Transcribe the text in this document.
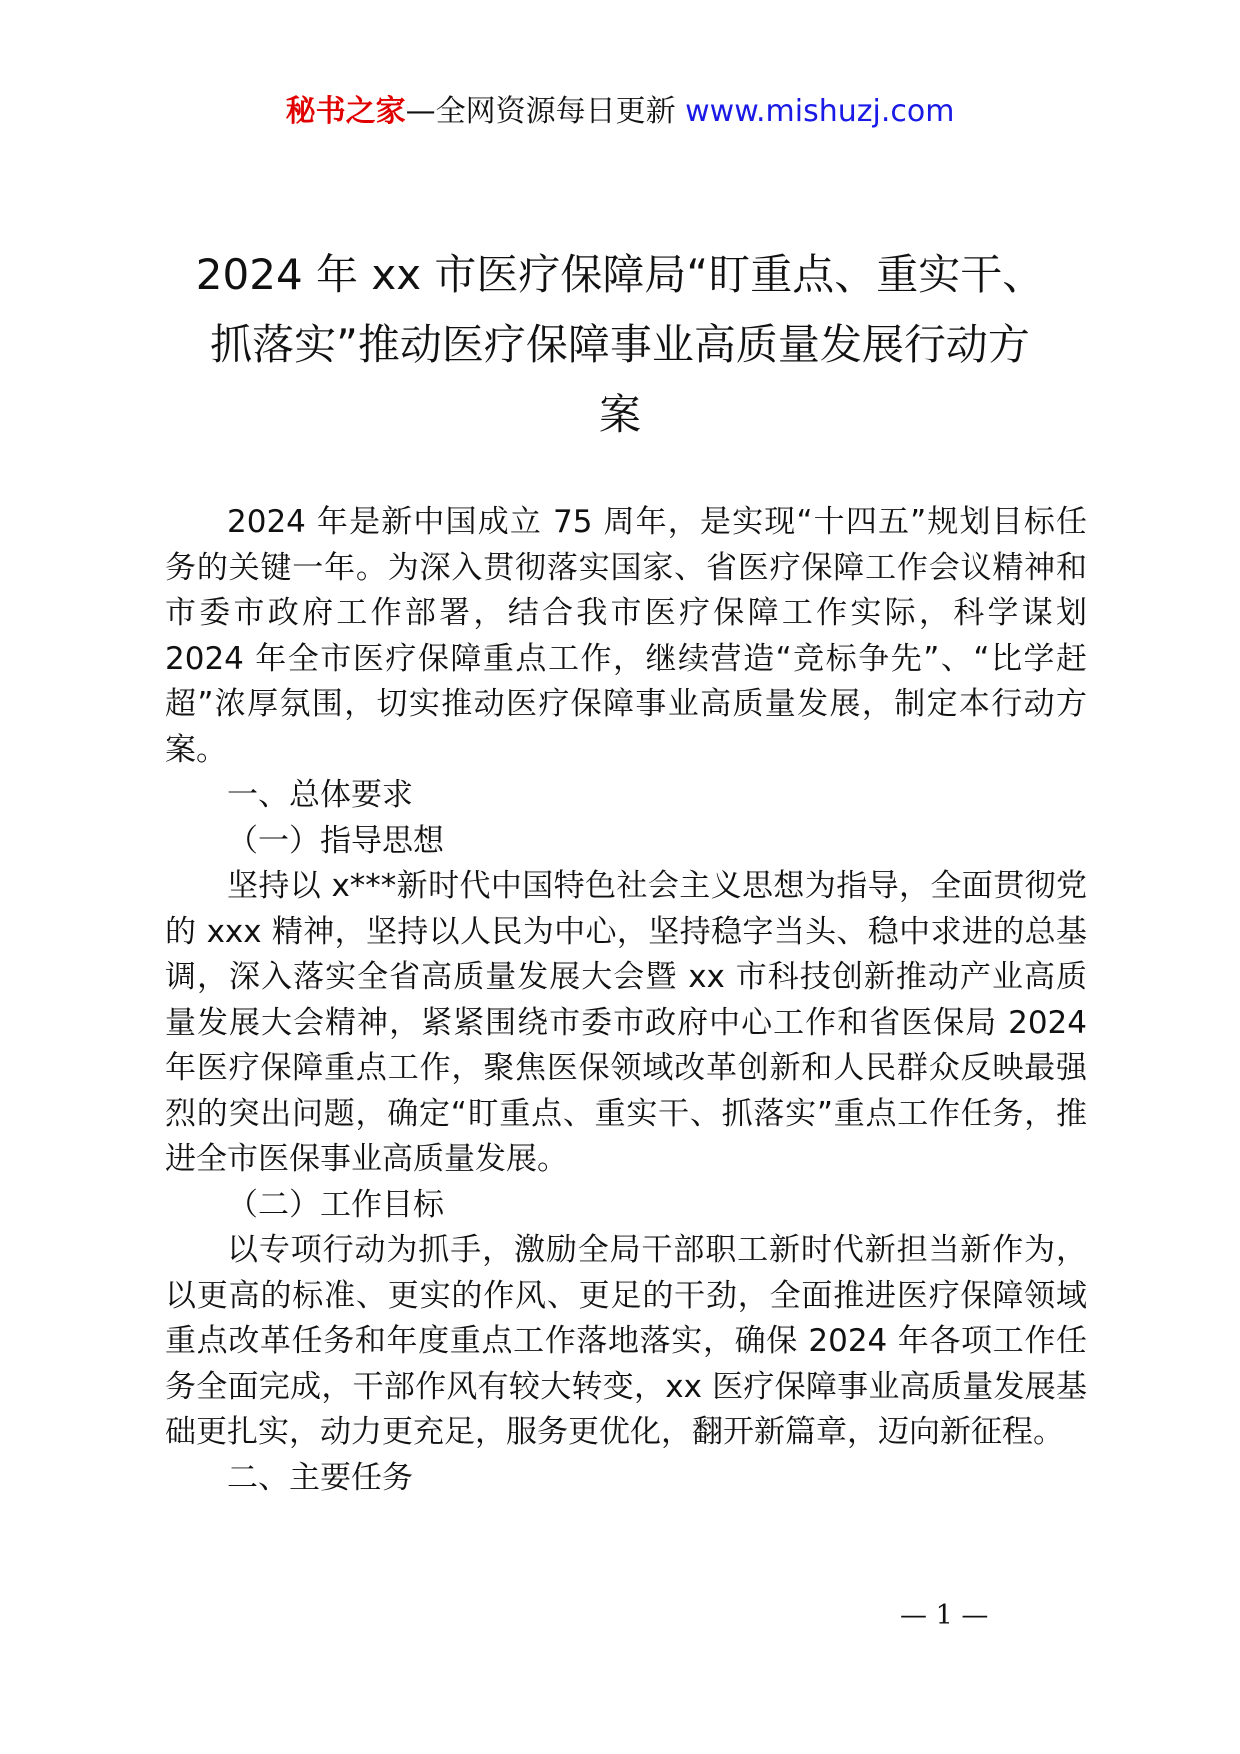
秘书之家—全网资源每日更新 www.mishuzj.com
2024 年 xx 市医疗保障局“盯重点、重实干、
抓落实”推动医疗保障事业高质量发展行动方
案

2024 年是新中国成立 75 周年，是实现“十四五”规划目标任务的关键一年。为深入贯彻落实国家、省医疗保障工作会议精神和市委市政府工作部署，结合我市医疗保障工作实际，科学谋划 2024 年全市医疗保障重点工作，继续营造“竞标争先”、“比学赶超”浓厚氛围，切实推动医疗保障事业高质量发展，制定本行动方案。

一、总体要求

（一）指导思想

坚持以 x***新时代中国特色社会主义思想为指导，全面贯彻党的 xxx 精神，坚持以人民为中心，坚持稳字当头、稳中求进的总基调，深入落实全省高质量发展大会暨 xx 市科技创新推动产业高质量发展大会精神，紧紧围绕市委市政府中心工作和省医保局 2024 年医疗保障重点工作，聚焦医保领域改革创新和人民群众反映最强烈的突出问题，确定“盯重点、重实干、抓落实”重点工作任务，推进全市医保事业高质量发展。

（二）工作目标

以专项行动为抓手，激励全局干部职工新时代新担当新作为，以更高的标准、更实的作风、更足的干劲，全面推进医疗保障领域重点改革任务和年度重点工作落地落实，确保 2024 年各项工作任务全面完成，干部作风有较大转变，xx 医疗保障事业高质量发展基础更扎实，动力更充足，服务更优化，翻开新篇章，迈向新征程。

二、主要任务

— 1 —
